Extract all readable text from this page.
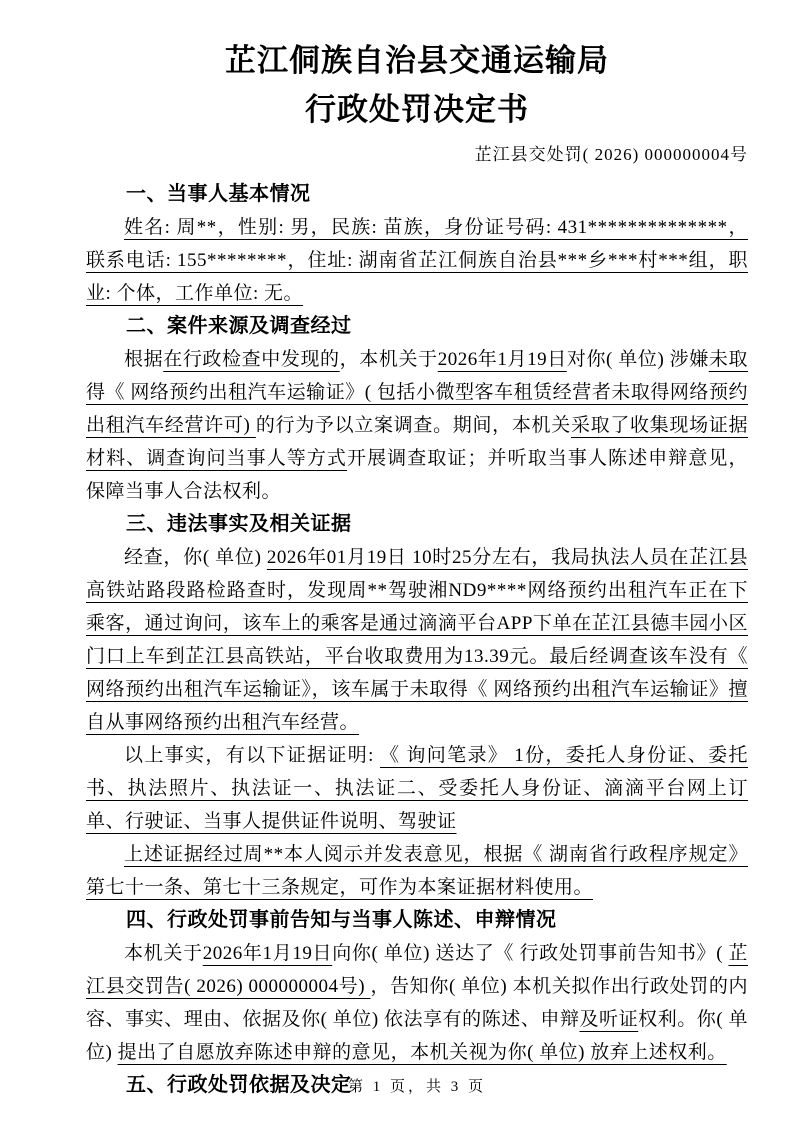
芷江侗族自治县交通运输局
行政处罚决定书
芷江县交处罚( 2026) 000000004号
一、当事人基本情况

姓名: 周**，性别: 男，民族: 苗族，身份证号码: 431**************，联系电话: 155********，住址: 湖南省芷江侗族自治县***乡***村***组，职业: 个体，工作单位: 无。

二、案件来源及调查经过

根据在行政检查中发现的，本机关于2026年1月19日对你( 单位) 涉嫌未取得《 网络预约出租汽车运输证》( 包括小微型客车租赁经营者未取得网络预约出租汽车经营许可) 的行为予以立案调查。期间，本机关采取了收集现场证据材料、调查询问当事人等方式开展调查取证；并听取当事人陈述申辩意见，保障当事人合法权利。

三、违法事实及相关证据

经查，你( 单位) 2026年01月19日 10时25分左右，我局执法人员在芷江县高铁站路段路检路查时，发现周**驾驶湘ND9****网络预约出租汽车正在下乘客，通过询问，该车上的乘客是通过滴滴平台APP下单在芷江县德丰园小区门口上车到芷江县高铁站，平台收取费用为13.39元。最后经调查该车没有《 网络预约出租汽车运输证》，该车属于未取得《 网络预约出租汽车运输证》擅自从事网络预约出租汽车经营。

以上事实，有以下证据证明: 《 询问笔录》 1份，委托人身份证、委托书、执法照片、执法证一、执法证二、受委托人身份证、滴滴平台网上订单、行驶证、当事人提供证件说明、驾驶证

上述证据经过周**本人阅示并发表意见，根据《 湖南省行政程序规定》第七十一条、第七十三条规定，可作为本案证据材料使用。

四、行政处罚事前告知与当事人陈述、申辩情况

本机关于2026年1月19日向你( 单位) 送达了《 行政处罚事前告知书》( 芷江县交罚告( 2026) 000000004号) ，告知你( 单位) 本机关拟作出行政处罚的内容、事实、理由、依据及你( 单位) 依法享有的陈述、申辩及听证权利。你( 单位) 提出了自愿放弃陈述申辩的意见，本机关视为你( 单位) 放弃上述权利。

五、行政处罚依据及决定
第 1 页，共 3 页
